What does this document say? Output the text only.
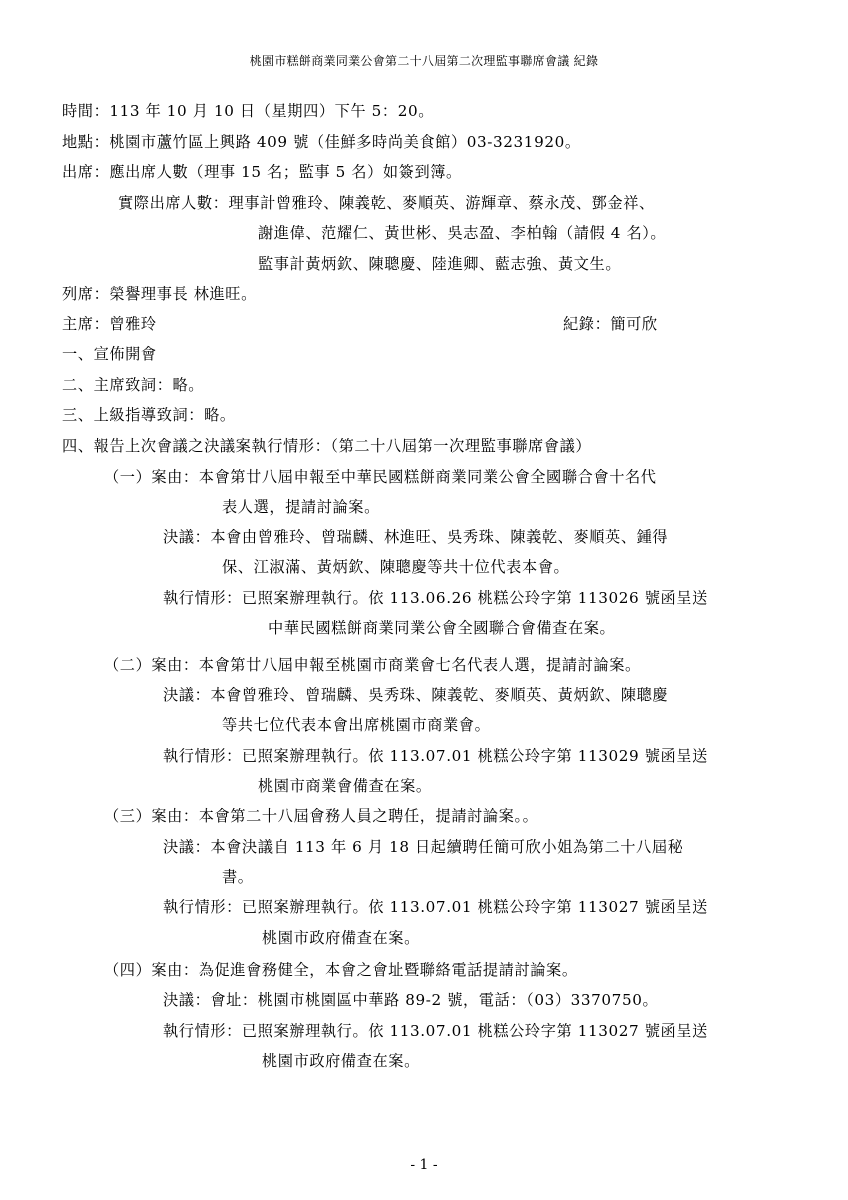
桃園市糕餅商業同業公會第二十八屆第二次理監事聯席會議 紀錄
時間：113 年 10 月 10 日（星期四）下午 5：20。
地點：桃園市蘆竹區上興路 409 號（佳鮮多時尚美食館）03-3231920。
出席：應出席人數（理事 15 名；監事 5 名）如簽到簿。
實際出席人數：理事計曾雅玲、陳義乾、麥順英、游輝章、蔡永茂、鄧金祥、
謝進偉、范耀仁、黃世彬、吳志盈、李柏翰（請假 4 名）。
監事計黃炳欽、陳聰慶、陸進卿、藍志強、黃文生。
列席：榮譽理事長 林進旺。
主席：曾雅玲	紀錄：簡可欣
一、宣佈開會
二、主席致詞：略。
三、上級指導致詞：略。
四、報告上次會議之決議案執行情形：（第二十八屆第一次理監事聯席會議）
（一）案由：本會第廿八屆申報至中華民國糕餅商業同業公會全國聯合會十名代
表人選，提請討論案。
決議：本會由曾雅玲、曾瑞麟、林進旺、吳秀珠、陳義乾、麥順英、鍾得
保、江淑滿、黃炳欽、陳聰慶等共十位代表本會。
執行情形：已照案辦理執行。依 113.06.26 桃糕公玲字第 113026 號函呈送
中華民國糕餅商業同業公會全國聯合會備查在案。
（二）案由：本會第廿八屆申報至桃園市商業會七名代表人選，提請討論案。
決議：本會曾雅玲、曾瑞麟、吳秀珠、陳義乾、麥順英、黃炳欽、陳聰慶
等共七位代表本會出席桃園市商業會。
執行情形：已照案辦理執行。依 113.07.01 桃糕公玲字第 113029 號函呈送
桃園市商業會備查在案。
（三）案由：本會第二十八屆會務人員之聘任，提請討論案。。
決議：本會決議自 113 年 6 月 18 日起續聘任簡可欣小姐為第二十八屆秘
書。
執行情形：已照案辦理執行。依 113.07.01 桃糕公玲字第 113027 號函呈送
桃園市政府備查在案。
（四）案由：為促進會務健全，本會之會址暨聯絡電話提請討論案。
決議：會址：桃園市桃園區中華路 89-2 號，電話：（03）3370750。
執行情形：已照案辦理執行。依 113.07.01 桃糕公玲字第 113027 號函呈送
桃園市政府備查在案。
- 1 -
